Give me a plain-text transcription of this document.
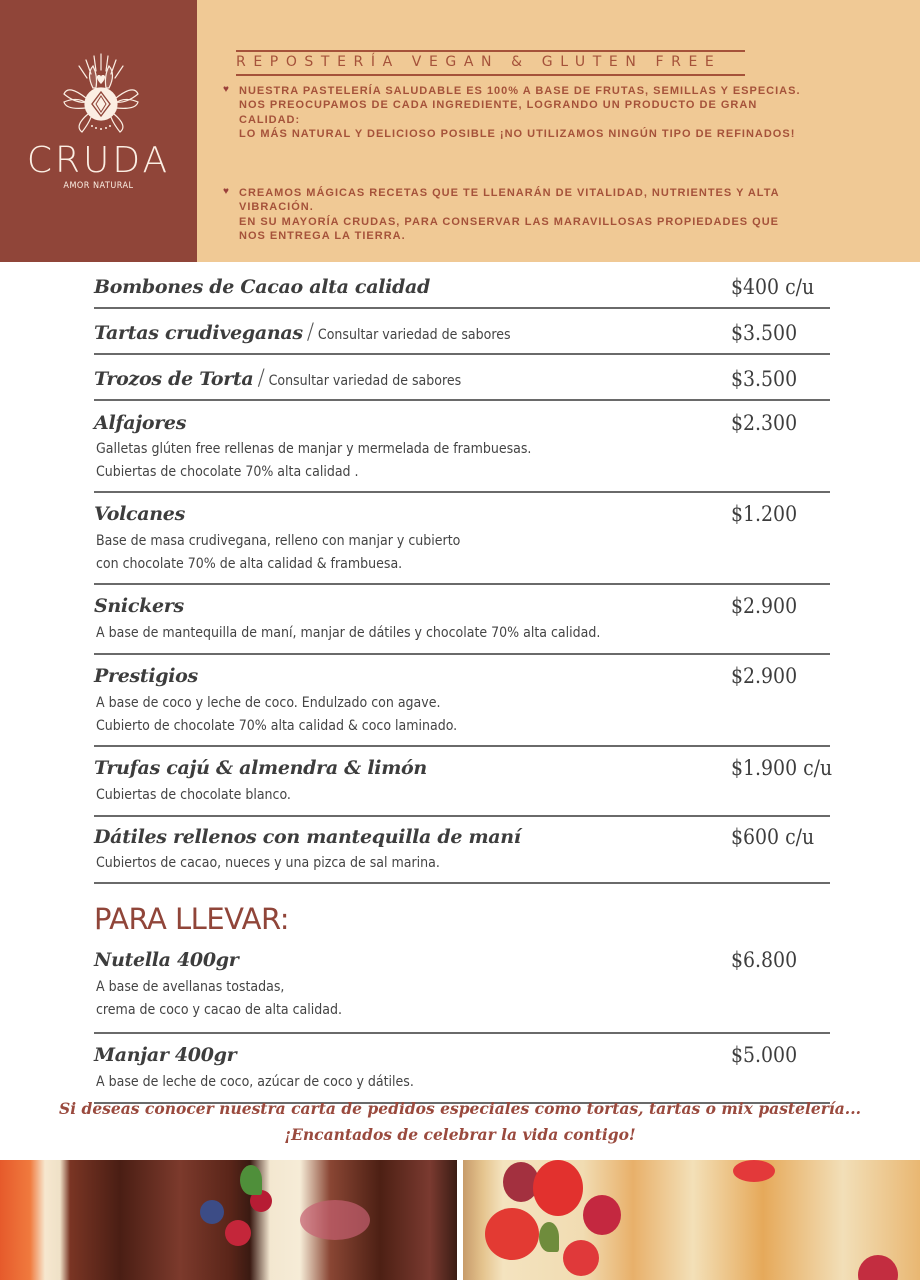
CRUDA
AMOR NATURAL
REPOSTERÍA VEGAN & GLUTEN FREE
♥ NUESTRA PASTELERÍA SALUDABLE ES 100% A BASE DE FRUTAS, SEMILLAS Y ESPECIAS.

NOS PREOCUPAMOS DE CADA INGREDIENTE, LOGRANDO UN PRODUCTO DE GRAN CALIDAD:

LO MÁS NATURAL Y DELICIOSO POSIBLE ¡NO UTILIZAMOS NINGÚN TIPO DE REFINADOS!

♥ CREAMOS MÁGICAS RECETAS QUE TE LLENARÁN DE VITALIDAD, NUTRIENTES Y ALTA VIBRACIÓN.

EN SU MAYORÍA CRUDAS, PARA CONSERVAR LAS MARAVILLOSAS PROPIEDADES QUE NOS ENTREGA LA TIERRA.

Bombones de Cacao alta calidad	$400 c/u
Tartas crudiveganas / Consultar variedad de sabores	$3.500
Trozos de Torta / Consultar variedad de sabores	$3.500
Alfajores	$2.300
Galletas glúten free rellenas de manjar y mermelada de frambuesas.
Cubiertas de chocolate 70% alta calidad .
Volcanes	$1.200
Base de masa crudivegana, relleno con manjar y cubierto
con chocolate 70% de alta calidad & frambuesa.
Snickers	$2.900
A base de mantequilla de maní, manjar de dátiles y chocolate 70% alta calidad.
Prestigios	$2.900
A base de coco y leche de coco. Endulzado con agave.
Cubierto de chocolate 70% alta calidad & coco laminado.
Trufas cajú & almendra & limón	$1.900 c/u
Cubiertas de chocolate blanco.
Dátiles rellenos con mantequilla de maní	$600 c/u
Cubiertos de cacao, nueces y una pizca de sal marina.
PARA LLEVAR:
Nutella 400gr	$6.800
A base de avellanas tostadas,
crema de coco y cacao de alta calidad.
Manjar 400gr	$5.000
A base de leche de coco, azúcar de coco y dátiles.
Si deseas conocer nuestra carta de pedidos especiales como tortas, tartas o mix pastelería...
¡Encantados de celebrar la vida contigo!
